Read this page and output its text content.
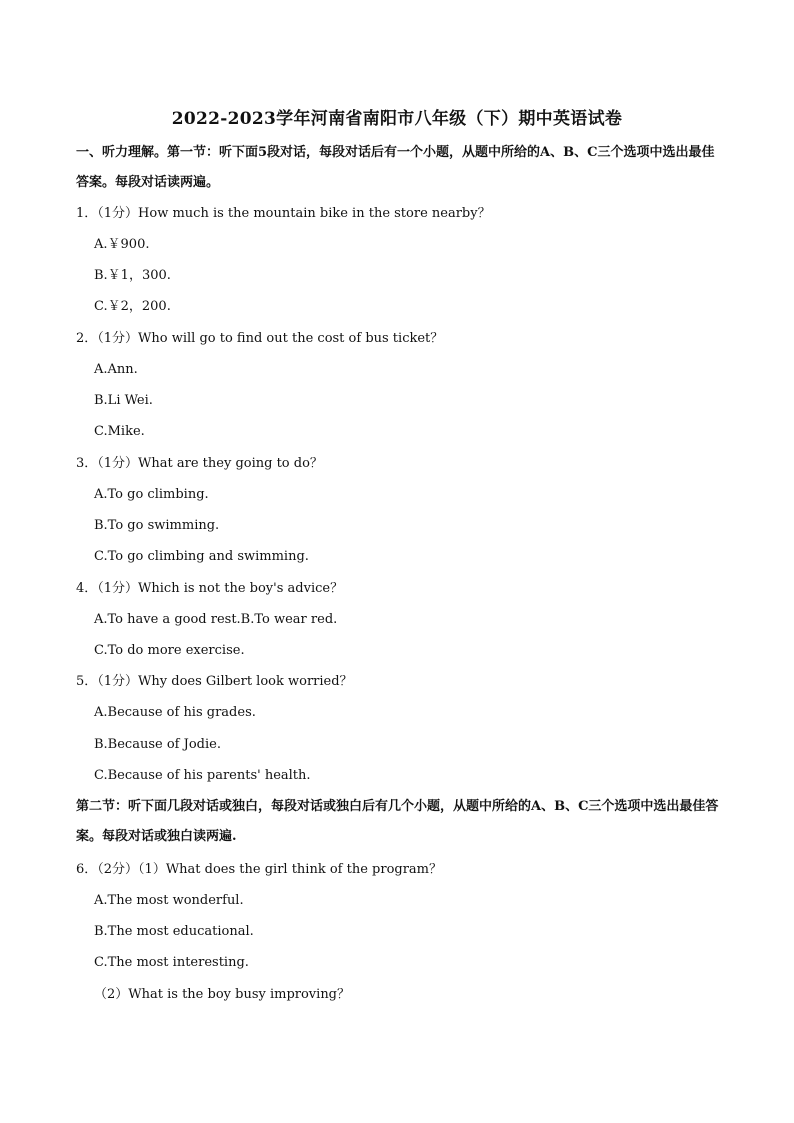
2022-2023学年河南省南阳市八年级（下）期中英语试卷
一、听力理解。第一节：听下面5段对话，每段对话后有一个小题，从题中所给的A、B、C三个选项中选出最佳答案。每段对话读两遍。
1．（1分）How much is the mountain bike in the store nearby？
A.￥900.
B.￥1，300.
C.￥2，200.
2．（1分）Who will go to find out the cost of bus ticket？
A.Ann.
B.Li Wei.
C.Mike.
3．（1分）What are they going to do？
A.To go climbing.
B.To go swimming.
C.To go climbing and swimming.
4．（1分）Which is not the boy's advice？
A.To have a good rest.B.To wear red.
C.To do more exercise.
5．（1分）Why does Gilbert look worried？
A.Because of his grades.
B.Because of Jodie.
C.Because of his parents' health.
第二节：听下面几段对话或独白，每段对话或独白后有几个小题，从题中所给的A、B、C三个选项中选出最佳答案。每段对话或独白读两遍.
6．（2分）（1）What does the girl think of the program？
A.The most wonderful.
B.The most educational.
C.The most interesting.
（2）What is the boy busy improving？
